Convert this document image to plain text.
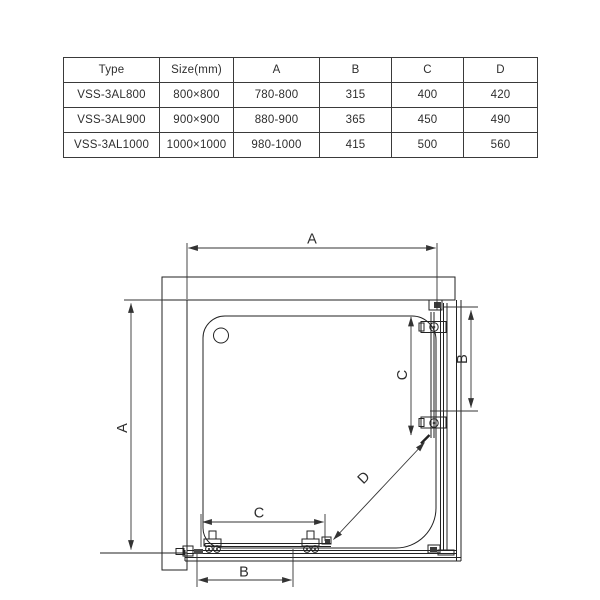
Type	Size(mm)	A	B	C	D
VSS-3AL800	800×800	780-800	315	400	420
VSS-3AL900	900×900	880-900	365	450	490
VSS-3AL1000	1000×1000	980-1000	415	500	560
A
A
B
C
C
B
D
